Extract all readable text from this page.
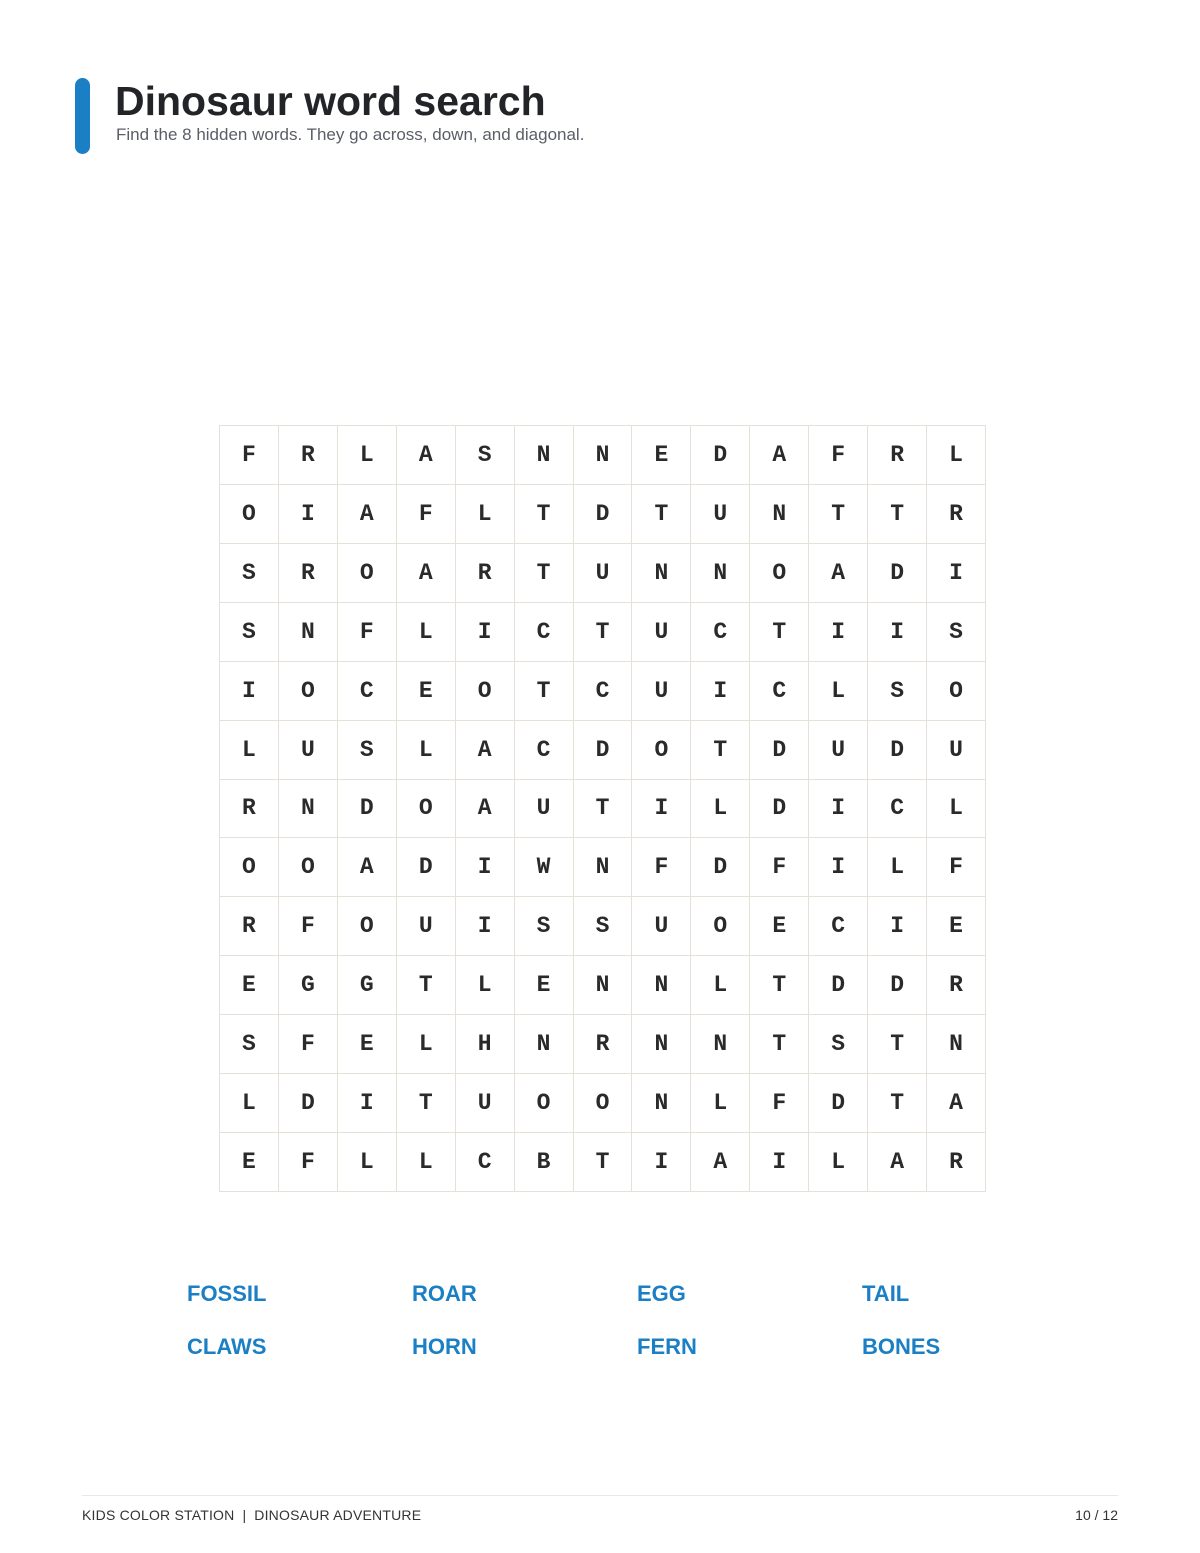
Dinosaur word search

Find the 8 hidden words. They go across, down, and diagonal.

F	R	L	A	S	N	N	E	D	A	F	R	L
O	I	A	F	L	T	D	T	U	N	T	T	R
S	R	O	A	R	T	U	N	N	O	A	D	I
S	N	F	L	I	C	T	U	C	T	I	I	S
I	O	C	E	O	T	C	U	I	C	L	S	O
L	U	S	L	A	C	D	O	T	D	U	D	U
R	N	D	O	A	U	T	I	L	D	I	C	L
O	O	A	D	I	W	N	F	D	F	I	L	F
R	F	O	U	I	S	S	U	O	E	C	I	E
E	G	G	T	L	E	N	N	L	T	D	D	R
S	F	E	L	H	N	R	N	N	T	S	T	N
L	D	I	T	U	O	O	N	L	F	D	T	A
E	F	L	L	C	B	T	I	A	I	L	A	R
FOSSIL	ROAR	EGG	TAIL
CLAWS	HORN	FERN	BONES
KIDS COLOR STATION | DINOSAUR ADVENTURE	10 / 12
